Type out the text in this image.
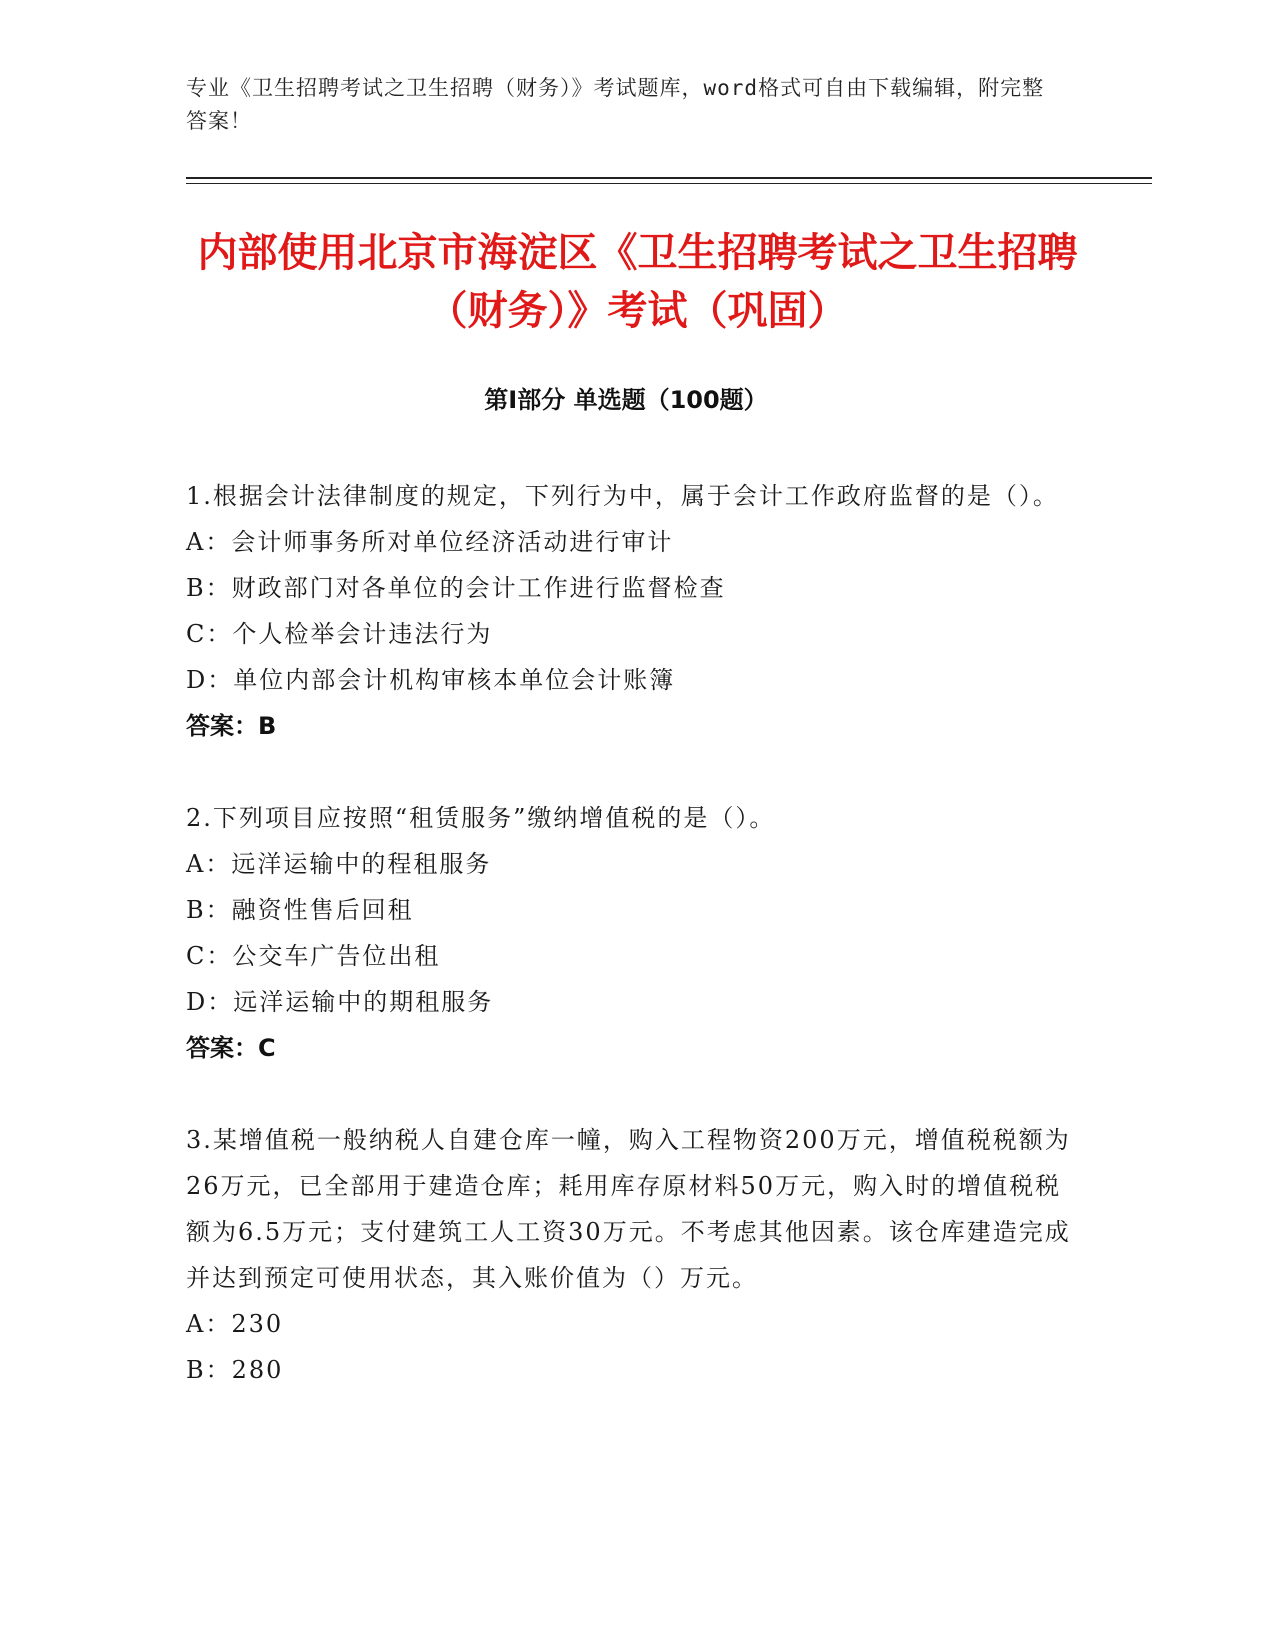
专业《卫生招聘考试之卫生招聘（财务）》考试题库，word格式可自由下载编辑，附完整答案！
内部使用北京市海淀区《卫生招聘考试之卫生招聘（财务）》考试（巩固）
第Ⅰ部分 单选题（100题）

1.根据会计法律制度的规定，下列行为中，属于会计工作政府监督的是（）。

A：会计师事务所对单位经济活动进行审计

B：财政部门对各单位的会计工作进行监督检查

C：个人检举会计违法行为

D：单位内部会计机构审核本单位会计账簿

答案：B

2.下列项目应按照“租赁服务”缴纳增值税的是（）。

A：远洋运输中的程租服务

B：融资性售后回租

C：公交车广告位出租

D：远洋运输中的期租服务

答案：C

3.某增值税一般纳税人自建仓库一幢，购入工程物资200万元，增值税税额为26万元，已全部用于建造仓库；耗用库存原材料50万元，购入时的增值税税额为6.5万元；支付建筑工人工资30万元。不考虑其他因素。该仓库建造完成并达到预定可使用状态，其入账价值为（）万元。

A：230

B：280
